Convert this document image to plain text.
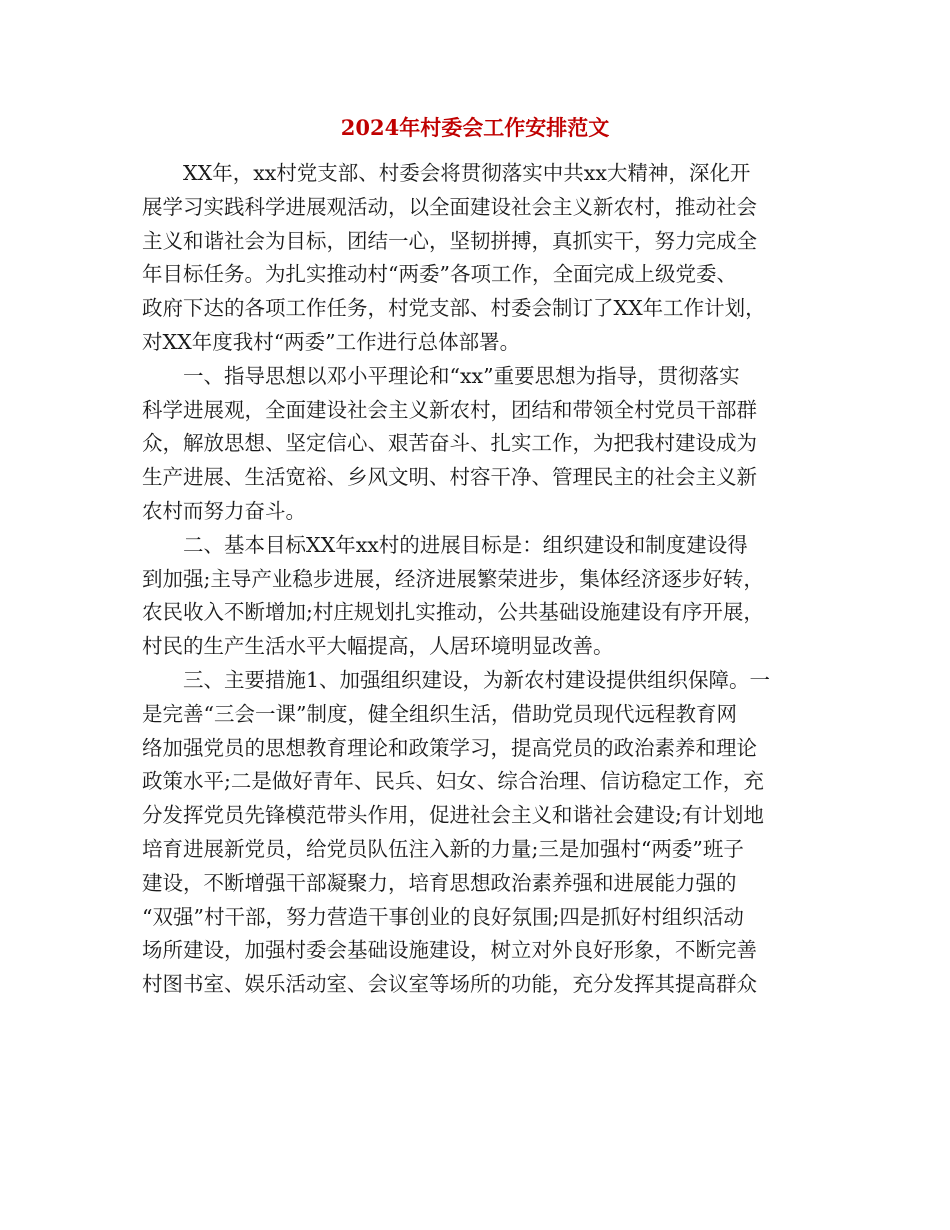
2024年村委会工作安排范文

XX年，xx村党支部、村委会将贯彻落实中共xx大精神，深化开
展学习实践科学进展观活动，以全面建设社会主义新农村，推动社会
主义和谐社会为目标，团结一心，坚韧拼搏，真抓实干，努力完成全
年目标任务。为扎实推动村“两委”各项工作，全面完成上级党委、
政府下达的各项工作任务，村党支部、村委会制订了XX年工作计划，
对XX年度我村“两委”工作进行总体部署。

一、指导思想以邓小平理论和“xx”重要思想为指导，贯彻落实
科学进展观，全面建设社会主义新农村，团结和带领全村党员干部群
众，解放思想、坚定信心、艰苦奋斗、扎实工作，为把我村建设成为
生产进展、生活宽裕、乡风文明、村容干净、管理民主的社会主义新
农村而努力奋斗。

二、基本目标XX年xx村的进展目标是：组织建设和制度建设得
到加强;主导产业稳步进展，经济进展繁荣进步，集体经济逐步好转，
农民收入不断增加;村庄规划扎实推动，公共基础设施建设有序开展，
村民的生产生活水平大幅提高，人居环境明显改善。

三、主要措施1、加强组织建设，为新农村建设提供组织保障。一
是完善“三会一课”制度，健全组织生活，借助党员现代远程教育网
络加强党员的思想教育理论和政策学习，提高党员的政治素养和理论
政策水平;二是做好青年、民兵、妇女、综合治理、信访稳定工作，充
分发挥党员先锋模范带头作用，促进社会主义和谐社会建设;有计划地
培育进展新党员，给党员队伍注入新的力量;三是加强村“两委”班子
建设，不断增强干部凝聚力，培育思想政治素养强和进展能力强的
“双强”村干部，努力营造干事创业的良好氛围;四是抓好村组织活动
场所建设，加强村委会基础设施建设，树立对外良好形象，不断完善
村图书室、娱乐活动室、会议室等场所的功能，充分发挥其提高群众
